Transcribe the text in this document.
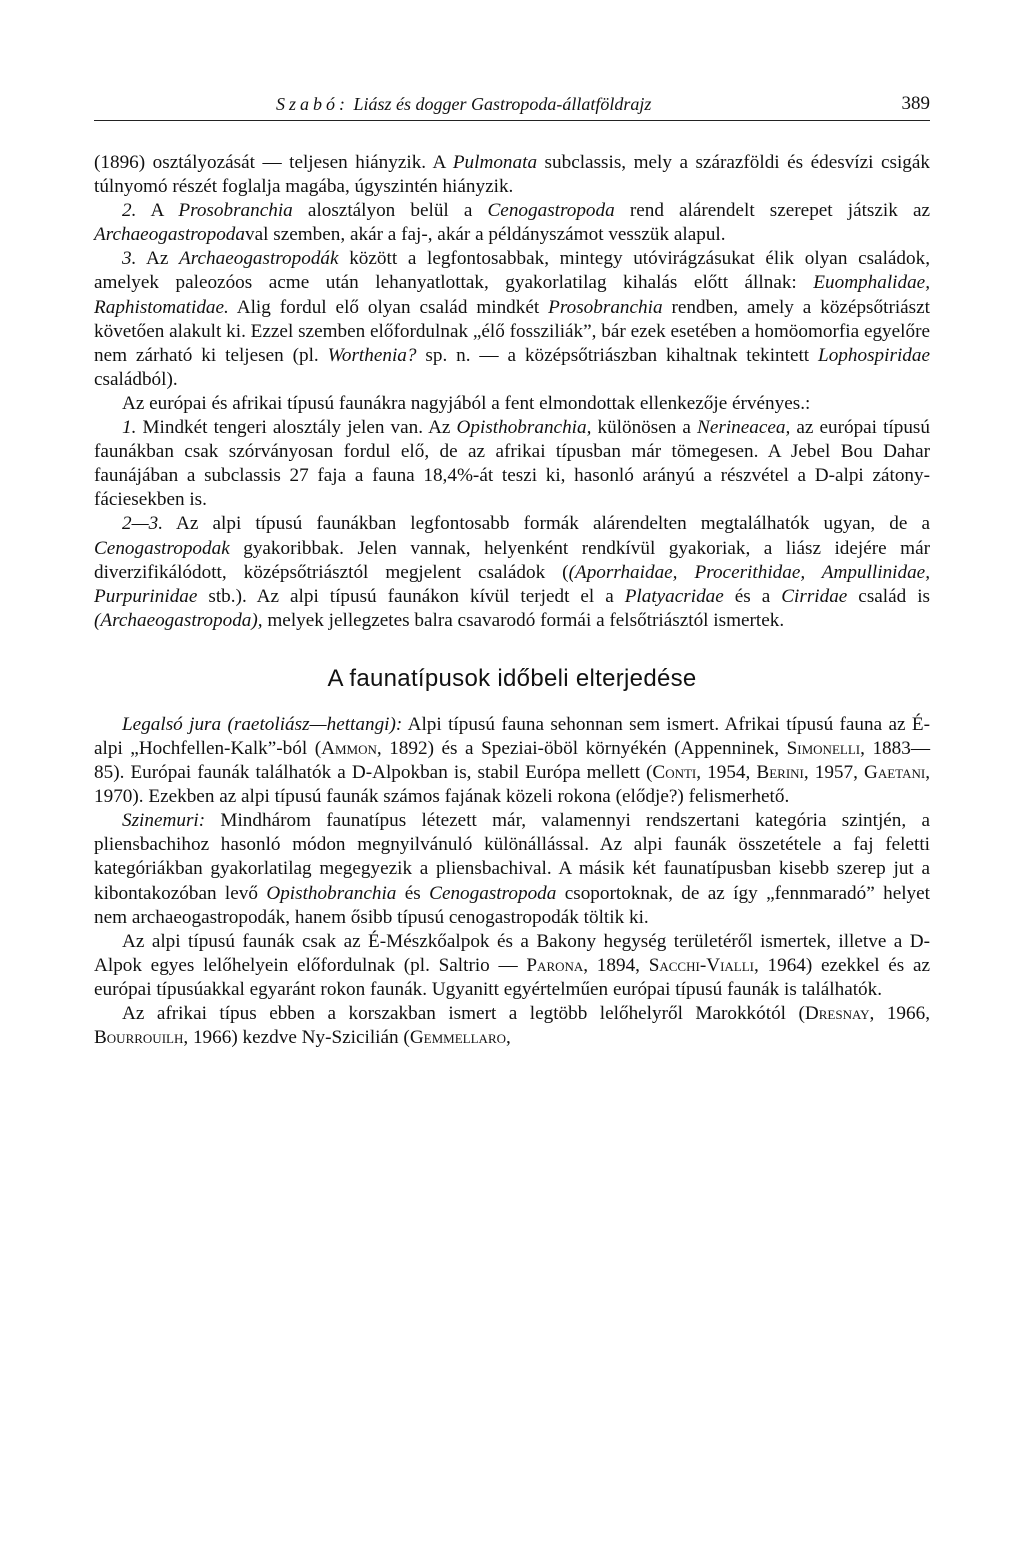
Szabó: Liász és dogger Gastropoda-állatföldrajz	389

(1896) osztályozását — teljesen hiányzik. A Pulmonata subclassis, mely a szárazföldi és édesvízi csigák túlnyomó részét foglalja magába, úgyszintén hiányzik.

2. A Prosobranchia alosztályon belül a Cenogastropoda rend alárendelt szerepet játszik az Archaeogastropodaval szemben, akár a faj-, akár a példányszámot vesszük alapul.

3. Az Archaeogastropodák között a legfontosabbak, mintegy utóvirágzásukat élik olyan családok, amelyek paleozóos acme után lehanyatlottak, gyakorlatilag kihalás előtt állnak: Euomphalidae, Raphistomatidae. Alig fordul elő olyan család mindkét Prosobranchia rendben, amely a középsőtriászt követően alakult ki. Ezzel szemben előfordulnak „élő fossziliák”, bár ezek esetében a homöomorfia egyelőre nem zárható ki teljesen (pl. Worthenia? sp. n. — a középsőtriászban kihaltnak tekintett Lophospiridae családból).

Az európai és afrikai típusú faunákra nagyjából a fent elmondottak ellenkezője érvényes.:

1. Mindkét tengeri alosztály jelen van. Az Opisthobranchia, különösen a Nerineacea, az európai típusú faunákban csak szórványosan fordul elő, de az afrikai típusban már tömegesen. A Jebel Bou Dahar faunájában a subclassis 27 faja a fauna 18,4%-át teszi ki, hasonló arányú a részvétel a D-alpi zátonyfáciesekben is.

2—3. Az alpi típusú faunákban legfontosabb formák alárendelten megtalálhatók ugyan, de a Cenogastropodak gyakoribbak. Jelen vannak, helyenként rendkívül gyakoriak, a liász idejére már diverzifikálódott, középsőtriásztól megjelent családok ((Aporrhaidae, Procerithidae, Ampullinidae, Purpurinidae stb.). Az alpi típusú faunákon kívül terjedt el a Platyacridae és a Cirridae család is (Archaeogastropoda), melyek jellegzetes balra csavarodó formái a felsőtriásztól ismertek.

A faunatípusok időbeli elterjedése

Legalsó jura (raetoliász—hettangi): Alpi típusú fauna sehonnan sem ismert. Afrikai típusú fauna az É-alpi „Hochfellen-Kalk”-ból (Ammon, 1892) és a Speziai-öböl környékén (Appenninek, Simonelli, 1883—85). Európai faunák találhatók a D-Alpokban is, stabil Európa mellett (Conti, 1954, Berini, 1957, Gaetani, 1970). Ezekben az alpi típusú faunák számos fajának közeli rokona (elődje?) felismerhető.

Szinemuri: Mindhárom faunatípus létezett már, valamennyi rendszertani kategória szintjén, a pliensbachihoz hasonló módon megnyilvánuló különállással. Az alpi faunák összetétele a faj feletti kategóriákban gyakorlatilag megegyezik a pliensbachival. A másik két faunatípusban kisebb szerep jut a kibontakozóban levő Opisthobranchia és Cenogastropoda csoportoknak, de az így „fennmaradó” helyet nem archaeogastropodák, hanem ősibb típusú cenogastropodák töltik ki.

Az alpi típusú faunák csak az É-Mészkőalpok és a Bakony hegység területéről ismertek, illetve a D-Alpok egyes lelőhelyein előfordulnak (pl. Saltrio — Parona, 1894, Sacchi-Vialli, 1964) ezekkel és az európai típusúakkal egyaránt rokon faunák. Ugyanitt egyértelműen európai típusú faunák is találhatók.

Az afrikai típus ebben a korszakban ismert a legtöbb lelőhelyről Marokkótól (Dresnay, 1966, Bourrouilh, 1966) kezdve Ny-Szicilián (Gemmellaro,
